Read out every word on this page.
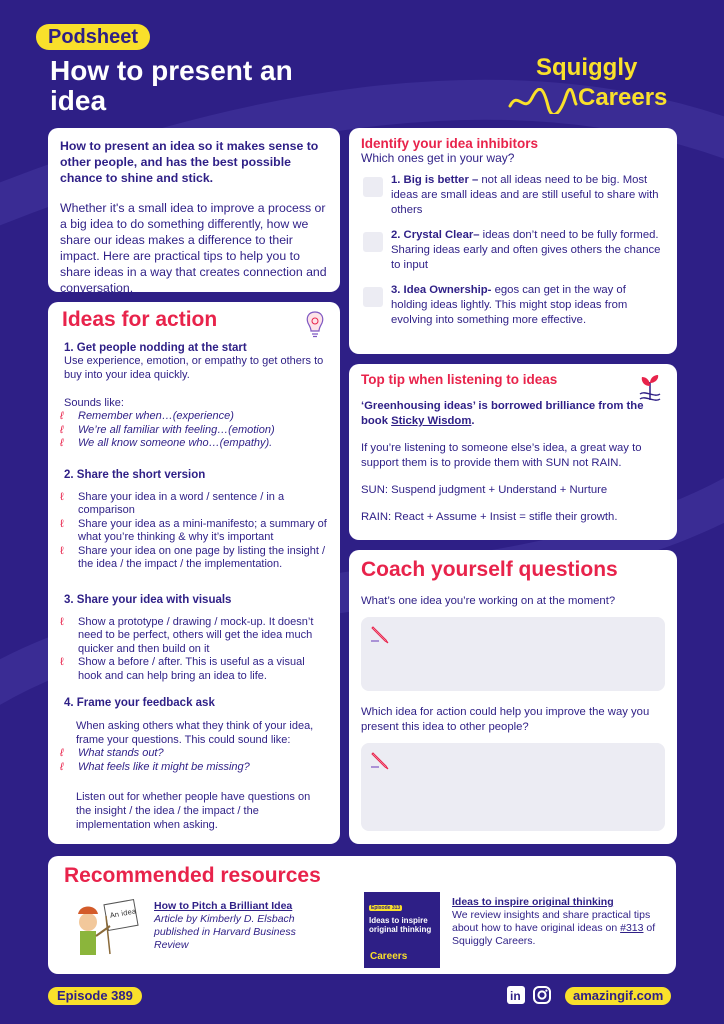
Podsheet
How to present an idea
Squiggly
Careers
How to present an idea so it makes sense to other people, and has the best possible chance to shine and stick.
Whether it's a small idea to improve a process or a big idea to do something differently, how we share our ideas makes a difference to their impact. Here are practical tips to help you to share ideas in a way that creates connection and conversation.
Ideas for action
1. Get people nodding at the start
Use experience, emotion, or empathy to get others to buy into your idea quickly.
Sounds like:
ℓ Remember when…(experience)
ℓ We’re all familiar with feeling…(emotion)
ℓ We all know someone who…(empathy).
2. Share the short version
ℓ Share your idea in a word / sentence / in a comparison
ℓ Share your idea as a mini-manifesto; a summary of what you’re thinking & why it’s important
ℓ Share your idea on one page by listing the insight / the idea / the impact / the implementation.
3. Share your idea with visuals
ℓ Show a prototype / drawing / mock-up. It doesn’t need to be perfect, others will get the idea much quicker and then build on it
ℓ Show a before / after. This is useful as a visual hook and can help bring an idea to life.
4. Frame your feedback ask
When asking others what they think of your idea, frame your questions. This could sound like:
ℓ What stands out?
ℓ What feels like it might be missing?
Listen out for whether people have questions on the insight / the idea / the impact / the implementation when asking.
Identify your idea inhibitors
Which ones get in your way?
1. Big is better – not all ideas need to be big. Most ideas are small ideas and are still useful to share with others
2. Crystal Clear– ideas don’t need to be fully formed. Sharing ideas early and often gives others the chance to input
3. Idea Ownership- egos can get in the way of holding ideas lightly. This might stop ideas from evolving into something more effective.
Top tip when listening to ideas

‘Greenhousing ideas’ is borrowed brilliance from the book Sticky Wisdom.

If you’re listening to someone else’s idea, a great way to support them is to provide them with SUN not RAIN.

SUN: Suspend judgment + Understand + Nurture

RAIN: React + Assume + Insist = stifle their growth.

Coach yourself questions
What’s one idea you’re working on at the moment?
Which idea for action could help you improve the way you present this idea to other people?
Recommended resources
An idea
How to Pitch a Brilliant Idea
Article by Kimberly D. Elsbach published in Harvard Business Review
Episode 313
Ideas to inspire original thinking
Careers
Ideas to inspire original thinking
We review insights and share practical tips about how to have original ideas on #313 of Squiggly Careers.
Episode 389	in	amazingif.com
